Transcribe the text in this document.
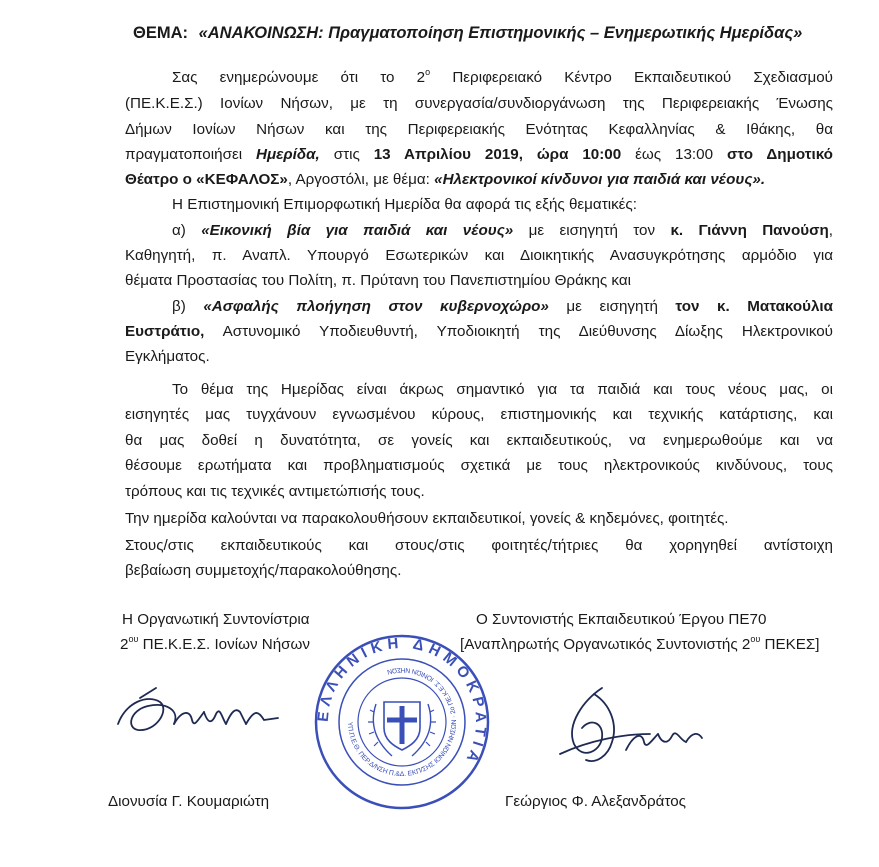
ΘΕΜΑ: «ΑΝΑΚΟΙΝΩΣΗ: Πραγματοποίηση Επιστημονικής – Ενημερωτικής Ημερίδας»
Σας ενημερώνουμε ότι το $2^o$ Περιφερειακό Κέντρο Εκπαιδευτικού Σχεδιασμού
(ΠΕ.Κ.Ε.Σ.) Ιονίων Νήσων, με τη συνεργασία/συνδιοργάνωση της Περιφερειακής Ένωσης
Δήμων Ιονίων Νήσων και της Περιφερειακής Ενότητας Κεφαλληνίας & Ιθάκης, θα
πραγματοποιήσει Ημερίδα, στις 13 Απριλίου 2019, ώρα 10:00 έως 13:00 στο Δημοτικό
Θέατρο ο «ΚΕΦΑΛΟΣ», Αργοστόλι, με θέμα: «Ηλεκτρονικοί κίνδυνοι για παιδιά και νέους».
Η Επιστημονική Επιμορφωτική Ημερίδα θα αφορά τις εξής θεματικές:
α) «Εικονική βία για παιδιά και νέους» με εισηγητή τον κ. Γιάννη Πανούση,
Καθηγητή, π. Αναπλ. Υπουργό Εσωτερικών και Διοικητικής Ανασυγκρότησης αρμόδιο για
θέματα Προστασίας του Πολίτη, π. Πρύτανη του Πανεπιστημίου Θράκης και
β) «Ασφαλής πλοήγηση στον κυβερνοχώρο» με εισηγητή τον κ. Ματακούλια
Ευστράτιο, Αστυνομικό Υποδιευθυντή, Υποδιοικητή της Διεύθυνσης Δίωξης Ηλεκτρονικού
Εγκλήματος.
Το θέμα της Ημερίδας είναι άκρως σημαντικό για τα παιδιά και τους νέους μας, οι
εισηγητές μας τυγχάνουν εγνωσμένου κύρους, επιστημονικής και τεχνικής κατάρτισης, και
θα μας δοθεί η δυνατότητα, σε γονείς και εκπαιδευτικούς, να ενημερωθούμε και να
θέσουμε ερωτήματα και προβληματισμούς σχετικά με τους ηλεκτρονικούς κινδύνους, τους
τρόπους και τις τεχνικές αντιμετώπισής τους.
Την ημερίδα καλούνται να παρακολουθήσουν εκπαιδευτικοί, γονείς & κηδεμόνες, φοιτητές.
Στους/στις εκπαιδευτικούς και στους/στις φοιτητές/τήτριες θα χορηγηθεί αντίστοιχη
βεβαίωση συμμετοχής/παρακολούθησης.
Η Οργανωτική Συντονίστρια
$2^{o\upsilon}$ ΠΕ.Κ.Ε.Σ. Ιονίων Νήσων
Διονυσία Γ. Κουμαριώτη
Ο Συντονιστής Εκπαιδευτικού Έργου ΠΕ70
[Αναπληρωτής Οργανωτικός Συντονιστής $2^{o\upsilon}$ ΠΕΚΕΣ]
Γεώργιος Φ. Αλεξανδράτος
ΕΛΛΗΝΙΚΗ ΔΗΜΟΚΡΑΤΙΑ
ΥΠ.Π.Ε.Θ. ΠΕΡ.Δ/ΝΣΗ Π.&Δ. ΕΚΠ/ΣΗΣ ΙΟΝΙΩΝ ΝΗΣΩΝ · 2ο ΠΕ.Κ.Ε.Σ. ΙΟΝΙΩΝ ΝΗΣΩΝ
